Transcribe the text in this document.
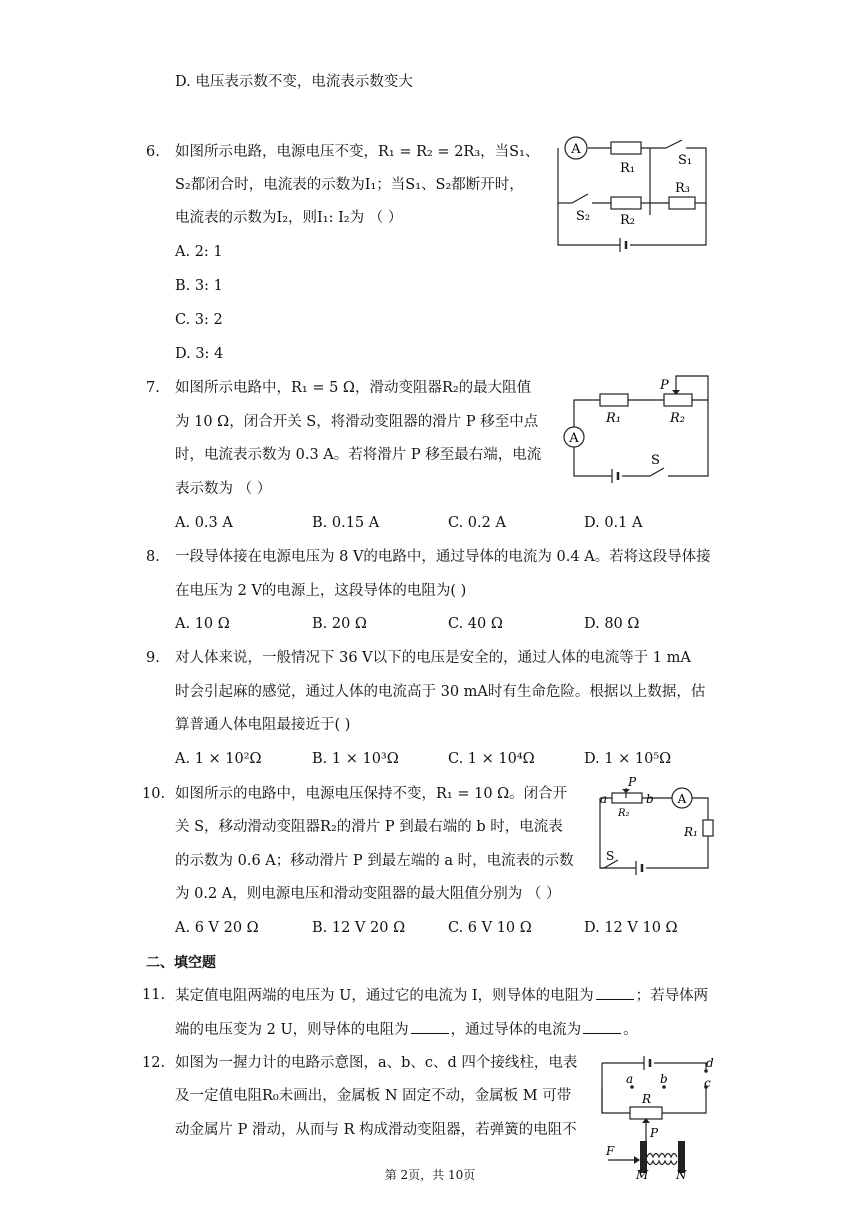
D. 电压表示数不变，电流表示数变大
6. 如图所示电路，电源电压不变，R₁ = R₂ = 2R₃，当S₁、
S₂都闭合时，电流表的示数为I₁；当S₁、S₂都断开时，
电流表的示数为I₂，则I₁: I₂为 （ ）
A. 2: 1
B. 3: 1
C. 3: 2
D. 3: 4
A
R₁
S₁
R₃
S₂ R₂
7. 如图所示电路中，R₁ = 5 Ω，滑动变阻器R₂的最大阻值
为 10 Ω，闭合开关 S，将滑动变阻器的滑片 P 移至中点
时，电流表示数为 0.3 A。若将滑片 P 移至最右端，电流
表示数为 （ ）
A. 0.3 A	B. 0.15 A	C. 0.2 A	D. 0.1 A
A
P
R₁	R₂
S
8. 一段导体接在电源电压为 8 V的电路中，通过导体的电流为 0.4 A。若将这段导体接
在电压为 2 V的电源上，这段导体的电阻为( )
A. 10 Ω	B. 20 Ω	C. 40 Ω	D. 80 Ω
9. 对人体来说，一般情况下 36 V以下的电压是安全的，通过人体的电流等于 1 mA
时会引起麻的感觉，通过人体的电流高于 30 mA时有生命危险。根据以上数据，估
算普通人体电阻最接近于( )
A. 1 × 10²Ω	B. 1 × 10³Ω	C. 1 × 10⁴Ω	D. 1 × 10⁵Ω
10. 如图所示的电路中，电源电压保持不变，R₁ = 10 Ω。闭合开
关 S，移动滑动变阻器R₂的滑片 P 到最右端的 b 时，电流表
的示数为 0.6 A；移动滑片 P 到最左端的 a 时，电流表的示数
为 0.2 A，则电源电压和滑动变阻器的最大阻值分别为 （ ）
A. 6 V 20 Ω	B. 12 V 20 Ω	C. 6 V 10 Ω	D. 12 V 10 Ω
A
P
a
R₂
b
R₁
S
二、填空题
11. 某定值电阻两端的电压为 U，通过它的电流为 I，则导体的电阻为	；若导体两
端的电压变为 2 U，则导体的电阻为	，通过导体的电流为	。
12. 如图为一握力计的电路示意图，a、b、c、d 四个接线柱，电表
及一定值电阻R₀未画出，金属板 N 固定不动，金属板 M 可带
动金属片 P 滑动，从而与 R 构成滑动变阻器，若弹簧的电阻不
a b	c
d
R
P
F
M N
第 2页，共 10页
